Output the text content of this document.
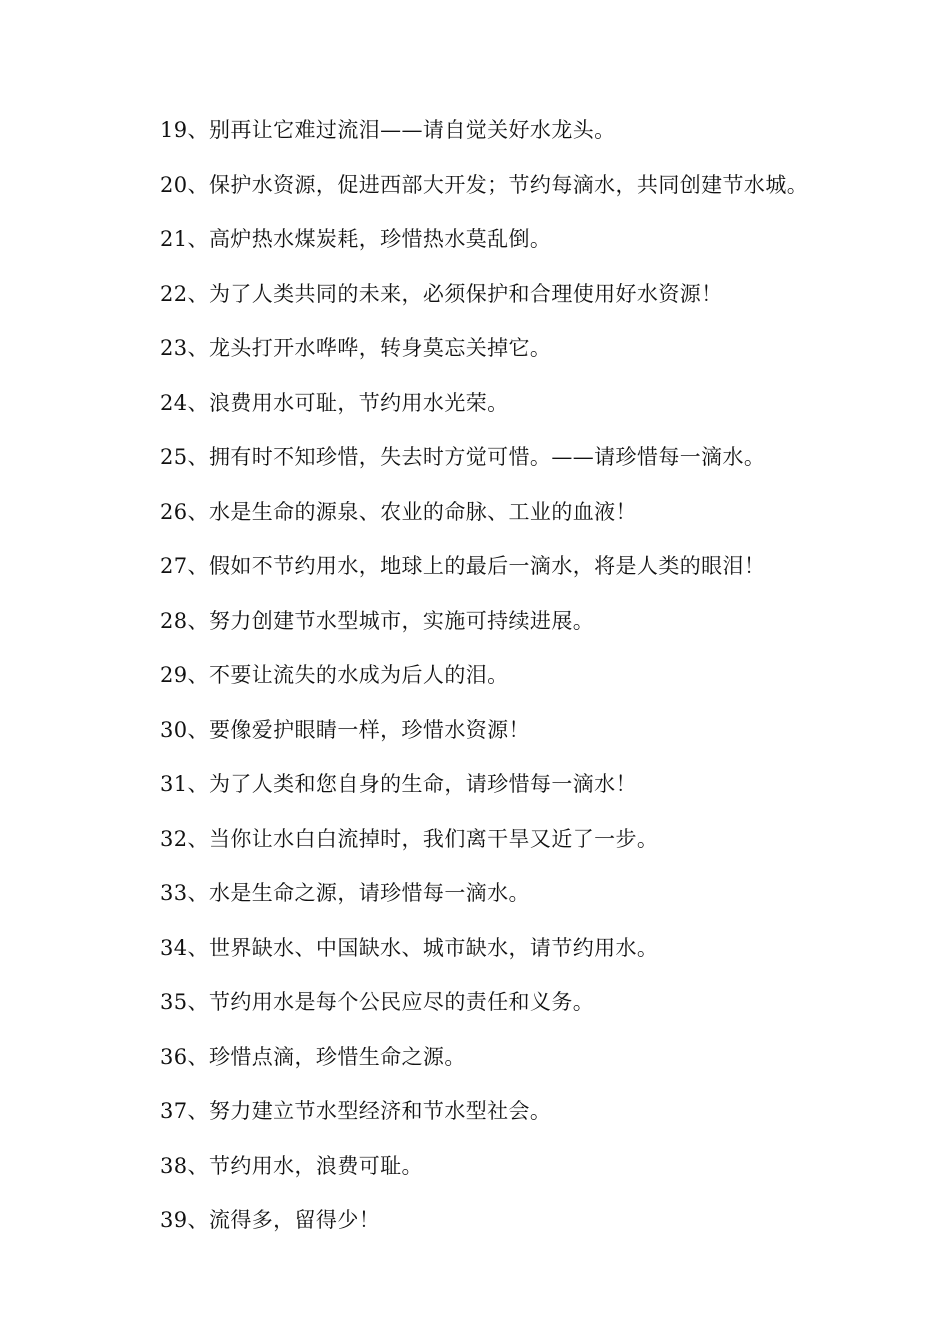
19、别再让它难过流泪——请自觉关好水龙头。
20、保护水资源，促进西部大开发；节约每滴水，共同创建节水城。
21、高炉热水煤炭耗，珍惜热水莫乱倒。
22、为了人类共同的未来，必须保护和合理使用好水资源！
23、龙头打开水哗哗，转身莫忘关掉它。
24、浪费用水可耻，节约用水光荣。
25、拥有时不知珍惜，失去时方觉可惜。——请珍惜每一滴水。
26、水是生命的源泉、农业的命脉、工业的血液！
27、假如不节约用水，地球上的最后一滴水，将是人类的眼泪！
28、努力创建节水型城市，实施可持续进展。
29、不要让流失的水成为后人的泪。
30、要像爱护眼睛一样，珍惜水资源！
31、为了人类和您自身的生命，请珍惜每一滴水！
32、当你让水白白流掉时，我们离干旱又近了一步。
33、水是生命之源，请珍惜每一滴水。
34、世界缺水、中国缺水、城市缺水，请节约用水。
35、节约用水是每个公民应尽的责任和义务。
36、珍惜点滴，珍惜生命之源。
37、努力建立节水型经济和节水型社会。
38、节约用水，浪费可耻。
39、流得多，留得少！
